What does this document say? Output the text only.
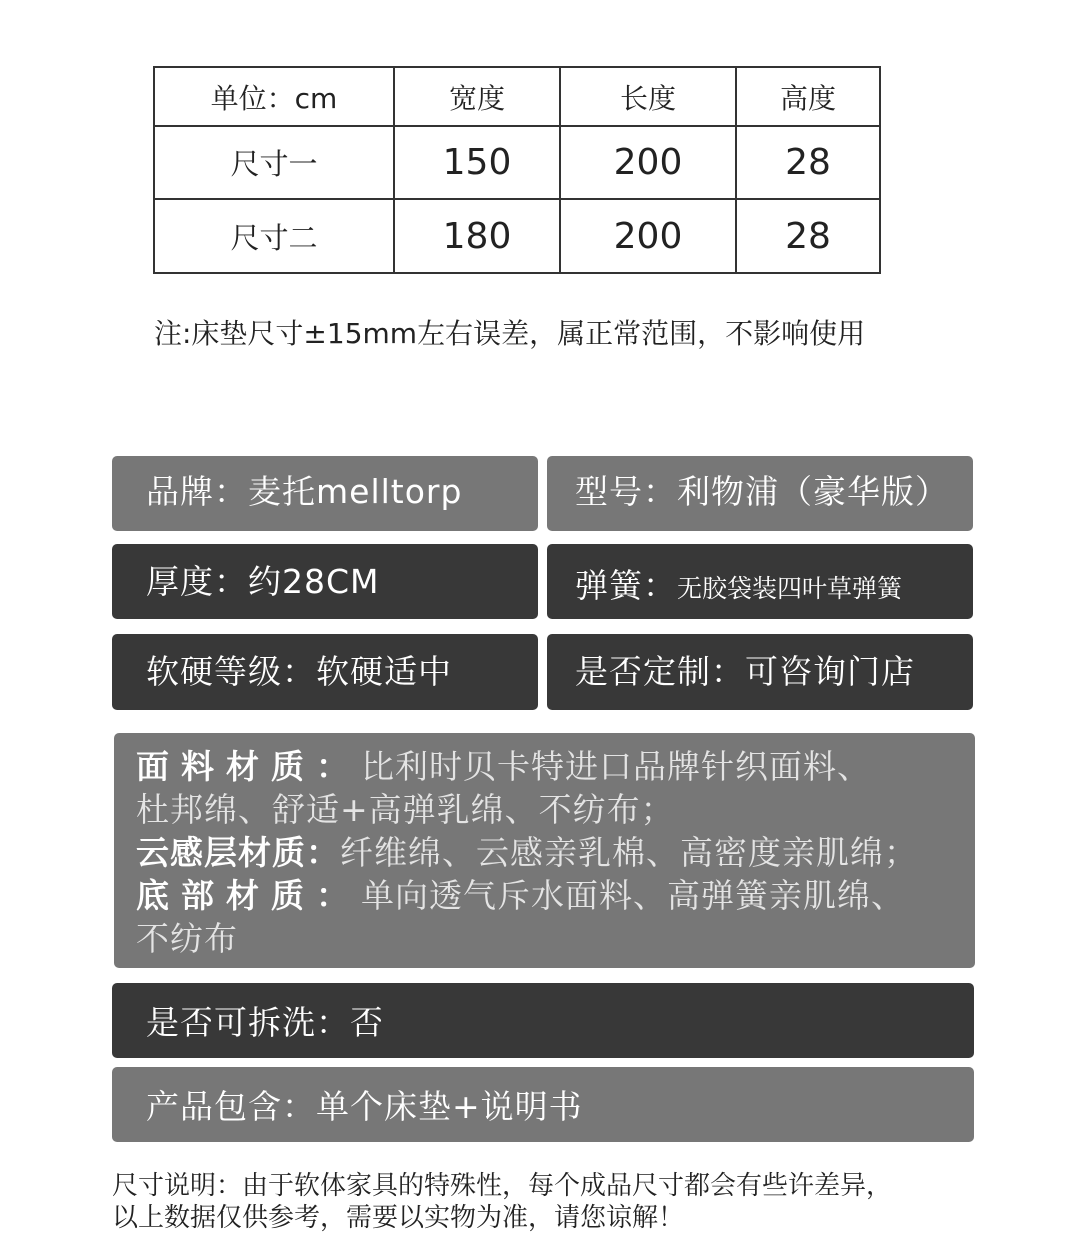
单位：cm	宽度	长度	高度
尺寸一	150	200	28
尺寸二	180	200	28
注:床垫尺寸±15mm左右误差，属正常范围，不影响使用
品牌：麦托melltorp	型号：利物浦（豪华版）
厚度：约28CM	弹簧：无胶袋装四叶草弹簧
软硬等级：软硬适中	是否定制：可咨询门店
面料材质：比利时贝卡特进口品牌针织面料、
杜邦绵、舒适+高弹乳绵、不纺布；
云感层材质：纤维绵、云感亲乳棉、高密度亲肌绵；
底部材质：单向透气斥水面料、高弹簧亲肌绵、
不纺布
是否可拆洗：否
产品包含：单个床垫+说明书
尺寸说明：由于软体家具的特殊性，每个成品尺寸都会有些许差异，
以上数据仅供参考，需要以实物为准，请您谅解！
